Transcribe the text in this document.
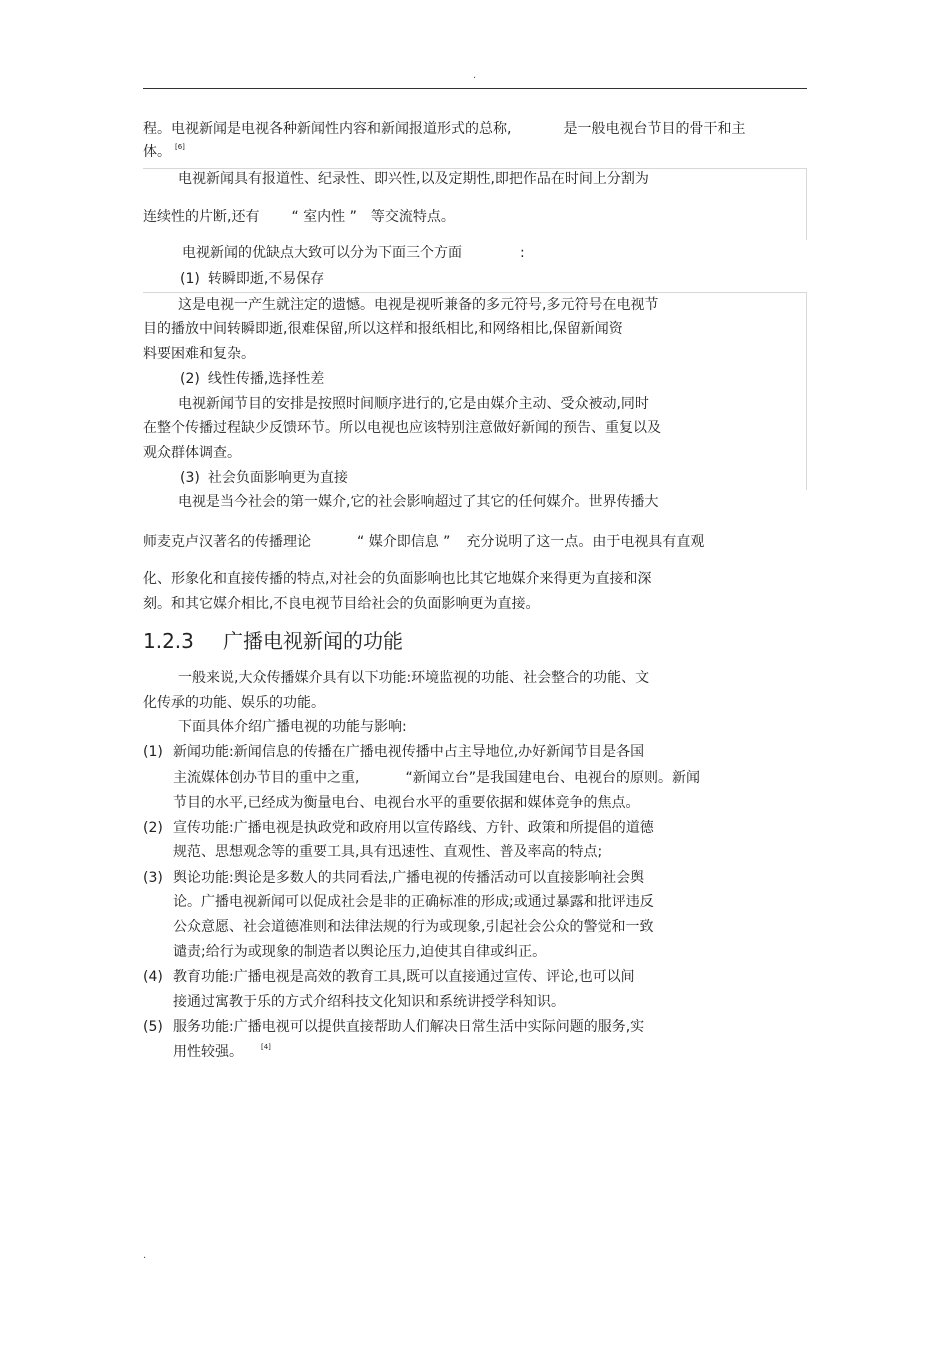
.
程。电视新闻是电视各种新闻性内容和新闻报道形式的总称,	是一般电视台节目的骨干和主
体。 [6]
电视新闻具有报道性、纪录性、即兴性,以及定期性,即把作品在时间上分割为
连续性的片断,还有 “ 室内性 ” 等交流特点。
电视新闻的优缺点大致可以分为下面三个方面	:
(1) 转瞬即逝,不易保存
这是电视一产生就注定的遗憾。电视是视听兼备的多元符号,多元符号在电视节
目的播放中间转瞬即逝,很难保留,所以这样和报纸相比,和网络相比,保留新闻资
料要困难和复杂。
(2) 线性传播,选择性差
电视新闻节目的安排是按照时间顺序进行的,它是由媒介主动、受众被动,同时
在整个传播过程缺少反馈环节。所以电视也应该特别注意做好新闻的预告、重复以及
观众群体调查。
(3) 社会负面影响更为直接
电视是当今社会的第一媒介,它的社会影响超过了其它的任何媒介。世界传播大
师麦克卢汉著名的传播理论	“ 媒介即信息 ” 充分说明了这一点。由于电视具有直观
化、形象化和直接传播的特点,对社会的负面影响也比其它地媒介来得更为直接和深
刻。和其它媒介相比,不良电视节目给社会的负面影响更为直接。
1.2.3 广播电视新闻的功能
一般来说,大众传播媒介具有以下功能:环境监视的功能、社会整合的功能、文
化传承的功能、娱乐的功能。
下面具体介绍广播电视的功能与影响:
(1) 新闻功能:新闻信息的传播在广播电视传播中占主导地位,办好新闻节目是各国
主流媒体创办节目的重中之重,	“新闻立台”是我国建电台、电视台的原则。新闻
节目的水平,已经成为衡量电台、电视台水平的重要依据和媒体竞争的焦点。
(2) 宣传功能:广播电视是执政党和政府用以宣传路线、方针、政策和所提倡的道德
规范、思想观念等的重要工具,具有迅速性、直观性、普及率高的特点;
(3) 舆论功能:舆论是多数人的共同看法,广播电视的传播活动可以直接影响社会舆
论。广播电视新闻可以促成社会是非的正确标准的形成;或通过暴露和批评违反
公众意愿、社会道德准则和法律法规的行为或现象,引起社会公众的警觉和一致
谴责;给行为或现象的制造者以舆论压力,迫使其自律或纠正。
(4) 教育功能:广播电视是高效的教育工具,既可以直接通过宣传、评论,也可以间
接通过寓教于乐的方式介绍科技文化知识和系统讲授学科知识。
(5) 服务功能:广播电视可以提供直接帮助人们解决日常生活中实际问题的服务,实
用性较强。	[4]
.
